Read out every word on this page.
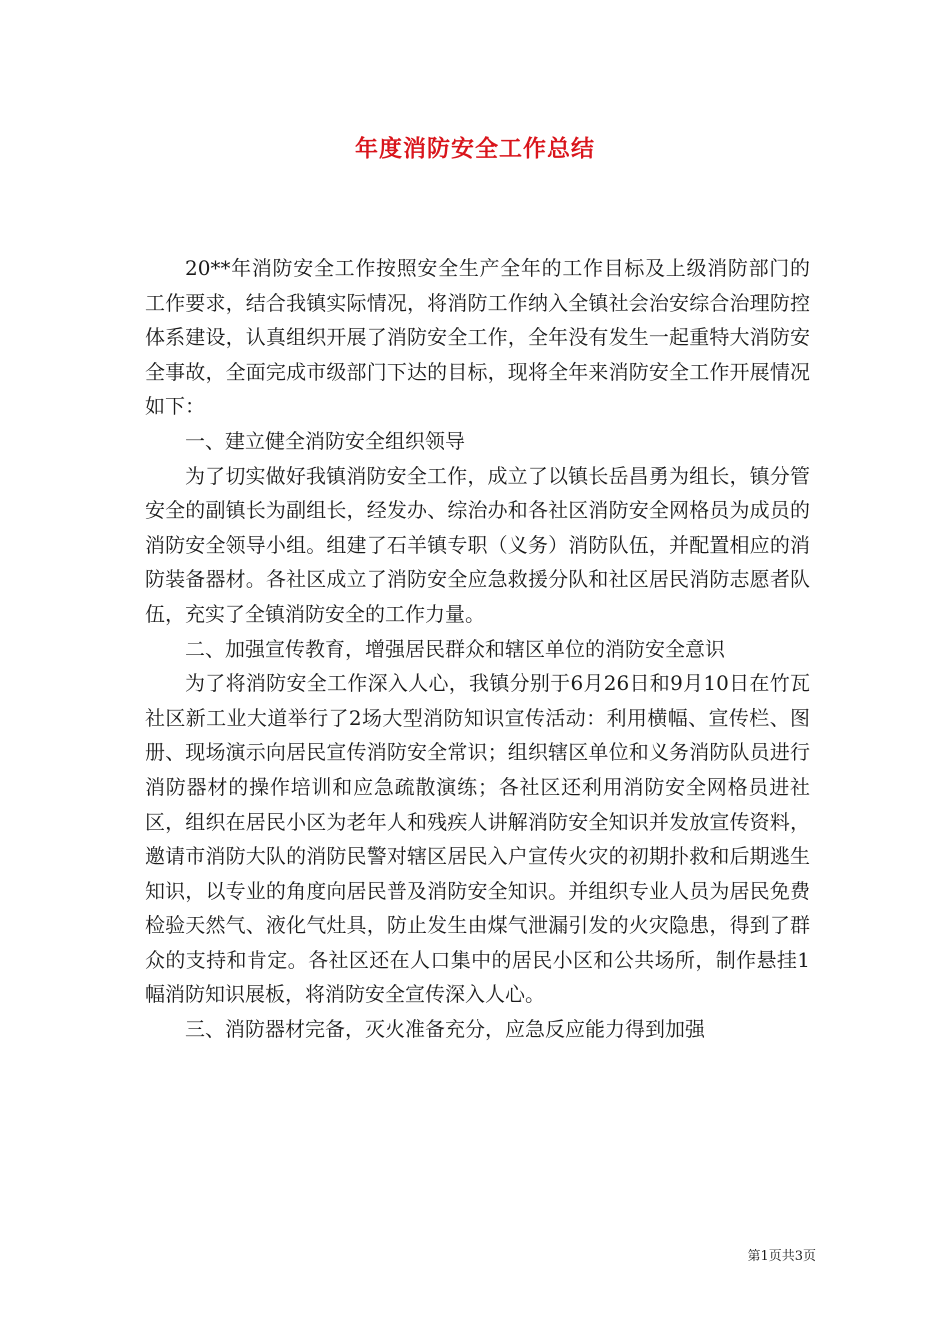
年度消防安全工作总结

20**年消防安全工作按照安全生产全年的工作目标及上级消防部门的工作要求，结合我镇实际情况，将消防工作纳入全镇社会治安综合治理防控体系建设，认真组织开展了消防安全工作，全年没有发生一起重特大消防安全事故，全面完成市级部门下达的目标，现将全年来消防安全工作开展情况如下：

一、建立健全消防安全组织领导

为了切实做好我镇消防安全工作，成立了以镇长岳昌勇为组长，镇分管安全的副镇长为副组长，经发办、综治办和各社区消防安全网格员为成员的消防安全领导小组。组建了石羊镇专职（义务）消防队伍，并配置相应的消防装备器材。各社区成立了消防安全应急救援分队和社区居民消防志愿者队伍，充实了全镇消防安全的工作力量。

二、加强宣传教育，增强居民群众和辖区单位的消防安全意识

为了将消防安全工作深入人心，我镇分别于6月26日和9月10日在竹瓦社区新工业大道举行了2场大型消防知识宣传活动：利用横幅、宣传栏、图册、现场演示向居民宣传消防安全常识；组织辖区单位和义务消防队员进行消防器材的操作培训和应急疏散演练；各社区还利用消防安全网格员进社区，组织在居民小区为老年人和残疾人讲解消防安全知识并发放宣传资料，邀请市消防大队的消防民警对辖区居民入户宣传火灾的初期扑救和后期逃生知识，以专业的角度向居民普及消防安全知识。并组织专业人员为居民免费检验天然气、液化气灶具，防止发生由煤气泄漏引发的火灾隐患，得到了群众的支持和肯定。各社区还在人口集中的居民小区和公共场所，制作悬挂1幅消防知识展板，将消防安全宣传深入人心。

三、消防器材完备，灭火准备充分，应急反应能力得到加强

第1页共3页
